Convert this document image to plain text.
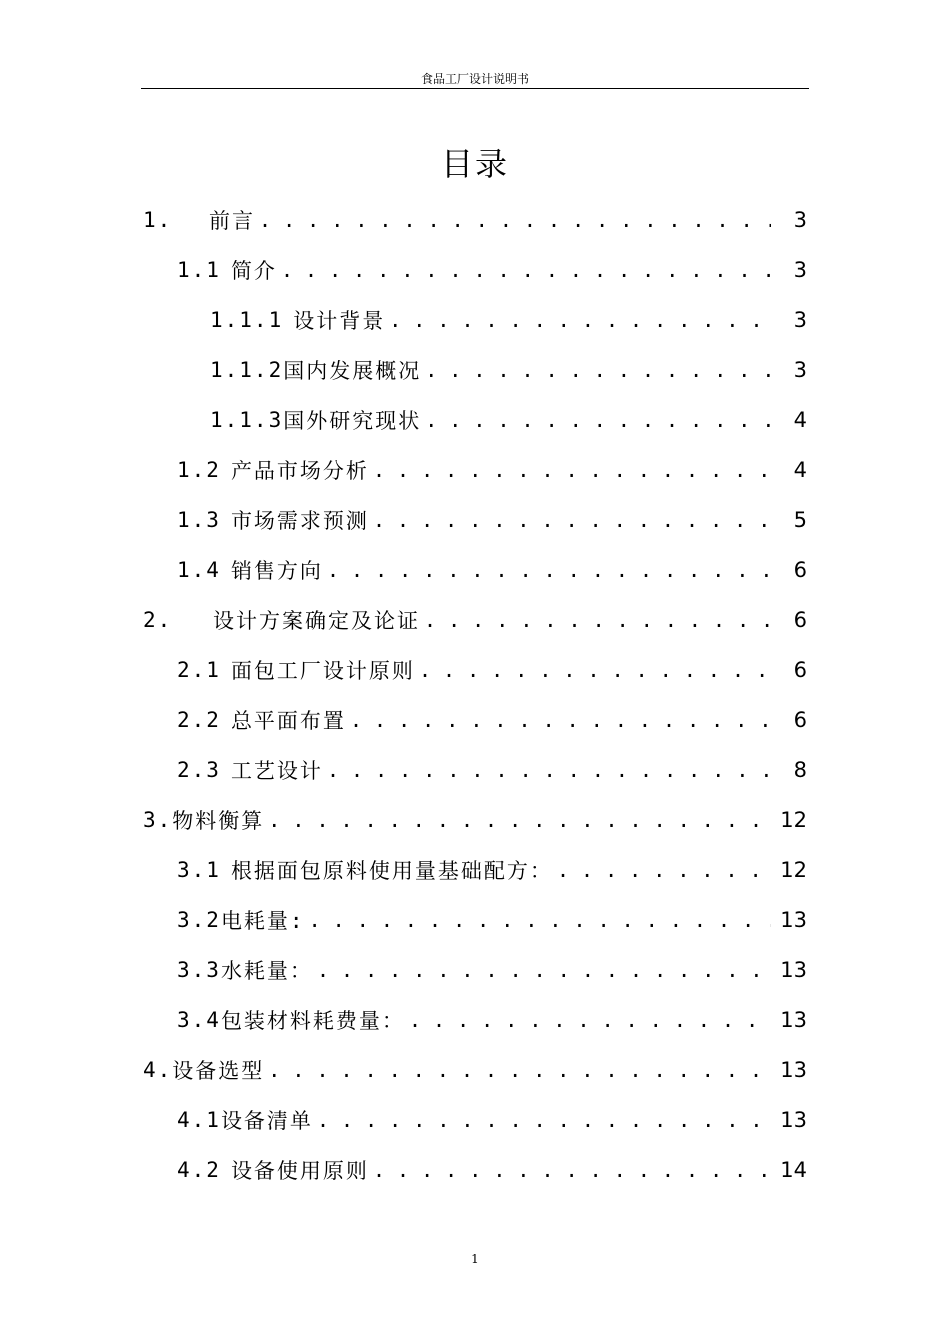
食品工厂设计说明书
目录
1.	前言 . . .	3
1.1 简介 . . .	3
1.1.1 设计背景 . . .	3
1.1.2 国内发展概况 . . .	3
1.1.3 国外研究现状 . . .	4
1.2 产品市场分析 . . .	4
1.3 市场需求预测 . . .	5
1.4 销售方向 . . .	6
2.	设计方案确定及论证 . . .	6
2.1 面包工厂设计原则 . . .	6
2.2 总平面布置 . . .	6
2.3 工艺设计 . . .	8
3. 物料衡算 . . .	12
3.1 根据面包原料使用量基础配方： . . .	12
3.2 电耗量: . . .	13
3.3 水耗量： . . .	13
3.4 包装材料耗费量： . . .	13
4. 设备选型 . . .	13
4.1 设备清单 . . .	13
4.2 设备使用原则 . . .	14
1
